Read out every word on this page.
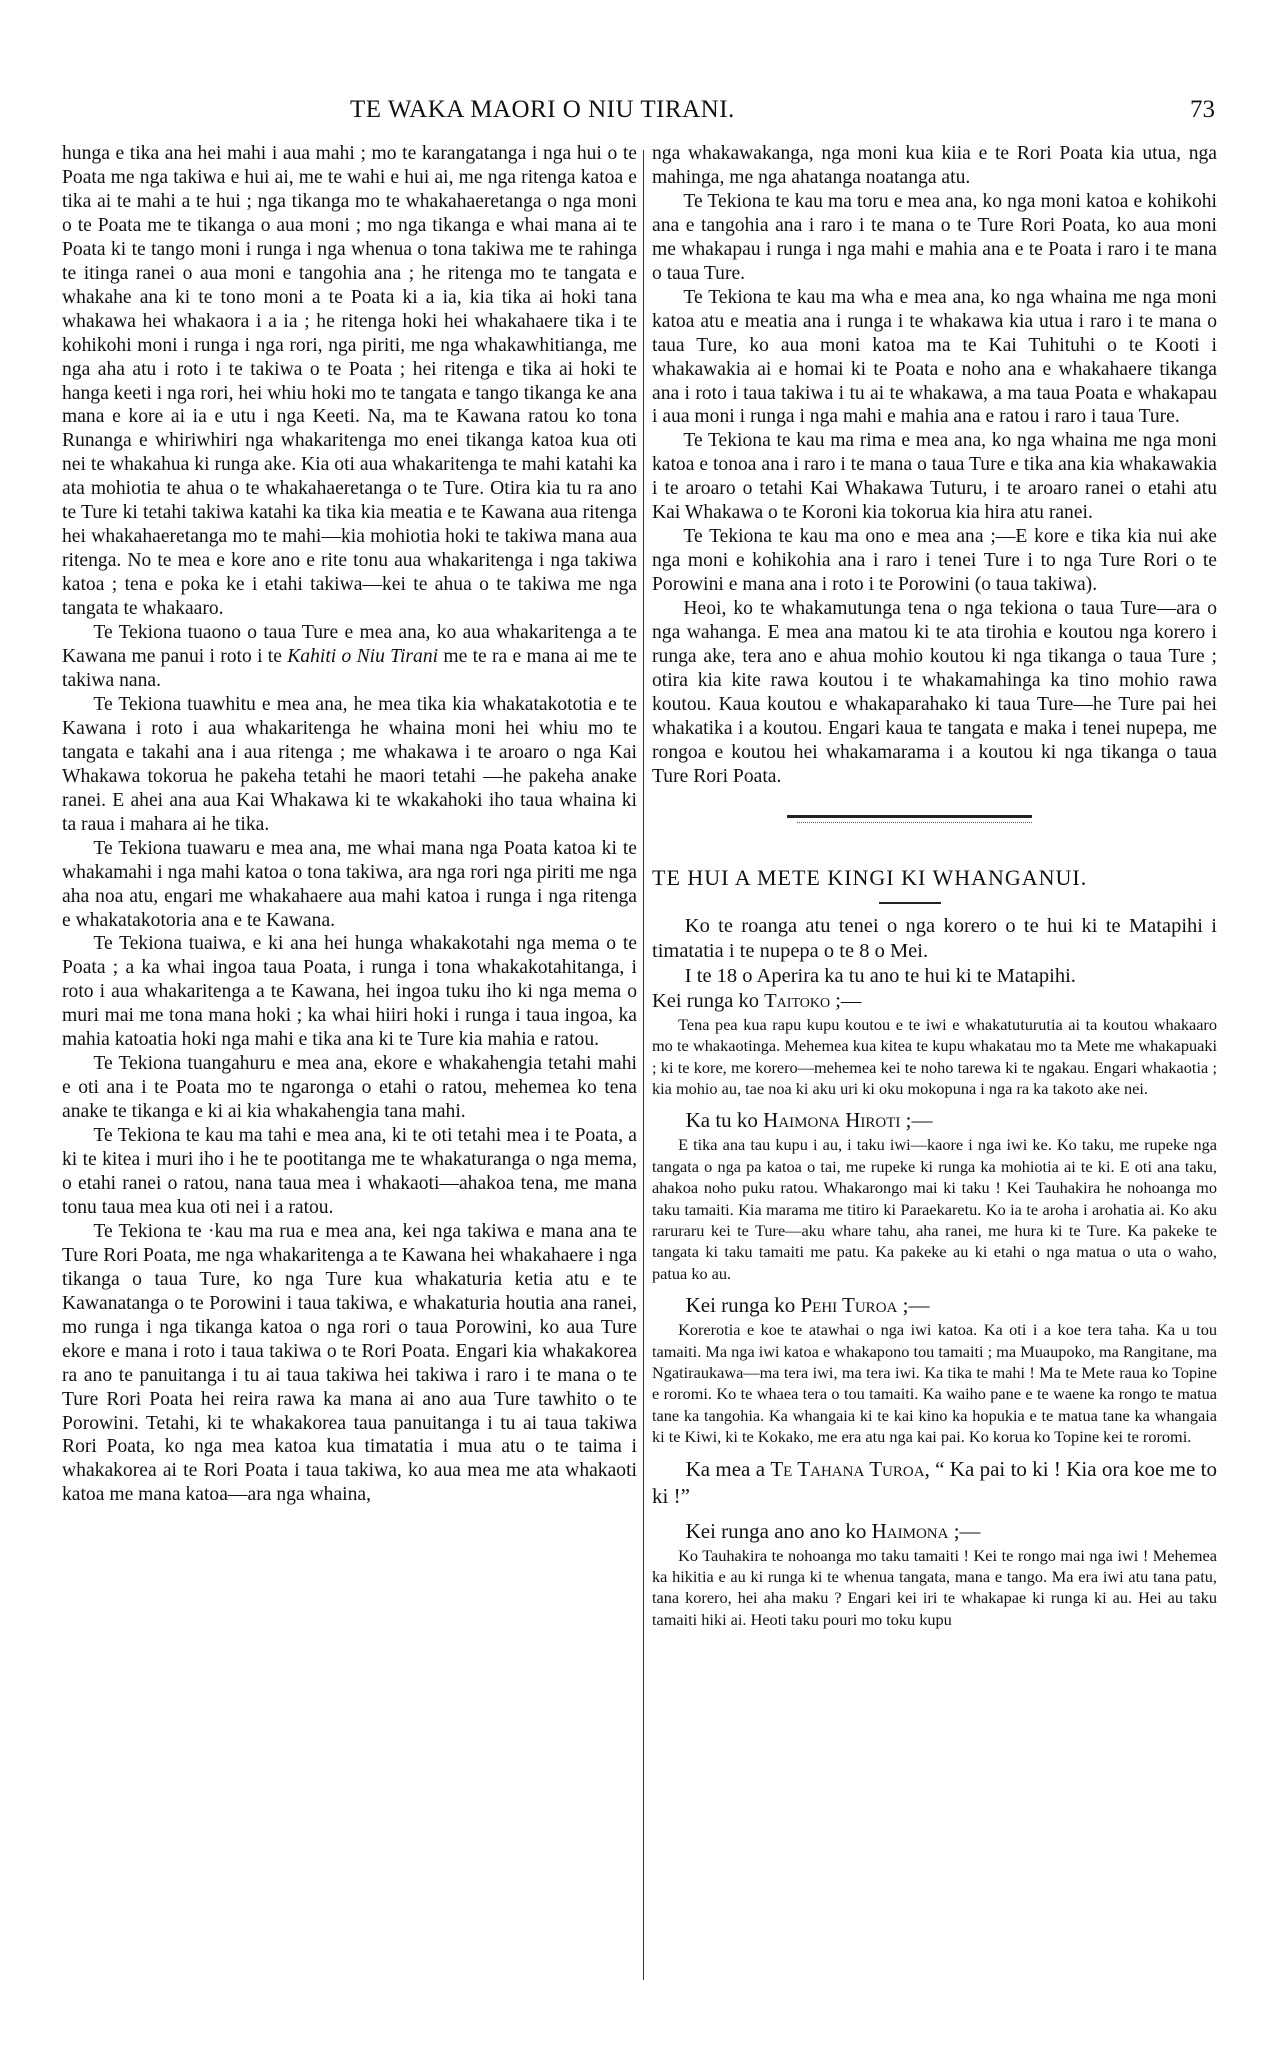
TE WAKA MAORI O NIU TIRANI.	73

hunga e tika ana hei mahi i aua mahi ; mo te karangatanga i nga hui o te Poata me nga takiwa e hui ai, me te wahi e hui ai, me nga ritenga katoa e tika ai te mahi a te hui ; nga tikanga mo te whakahaeretanga o nga moni o te Poata me te tikanga o aua moni ; mo nga tikanga e whai mana ai te Poata ki te tango moni i runga i nga whenua o tona takiwa me te rahinga te itinga ranei o aua moni e tangohia ana ; he ritenga mo te tangata e whakahe ana ki te tono moni a te Poata ki a ia, kia tika ai hoki tana whakawa hei whakaora i a ia ; he ritenga hoki hei whakahaere tika i te kohikohi moni i runga i nga rori, nga piriti, me nga whakawhitianga, me nga aha atu i roto i te takiwa o te Poata ; hei ritenga e tika ai hoki te hanga keeti i nga rori, hei whiu hoki mo te tangata e tango tikanga ke ana mana e kore ai ia e utu i nga Keeti. Na, ma te Kawana ratou ko tona Runanga e whiriwhiri nga whakaritenga mo enei tikanga katoa kua oti nei te whakahua ki runga ake. Kia oti aua whakaritenga te mahi katahi ka ata mohiotia te ahua o te whakahaeretanga o te Ture. Otira kia tu ra ano te Ture ki tetahi takiwa katahi ka tika kia meatia e te Kawana aua ritenga hei whakahaeretanga mo te mahi—kia mohiotia hoki te takiwa mana aua ritenga. No te mea e kore ano e rite tonu aua whakaritenga i nga takiwa katoa ; tena e poka ke i etahi takiwa—kei te ahua o te takiwa me nga tangata te whakaaro.

Te Tekiona tuaono o taua Ture e mea ana, ko aua whakaritenga a te Kawana me panui i roto i te Kahiti o Niu Tirani me te ra e mana ai me te takiwa nana.

Te Tekiona tuawhitu e mea ana, he mea tika kia whakatakototia e te Kawana i roto i aua whakaritenga he whaina moni hei whiu mo te tangata e takahi ana i aua ritenga ; me whakawa i te aroaro o nga Kai Whakawa tokorua he pakeha tetahi he maori tetahi —he pakeha anake ranei. E ahei ana aua Kai Whakawa ki te wkakahoki iho taua whaina ki ta raua i mahara ai he tika.

Te Tekiona tuawaru e mea ana, me whai mana nga Poata katoa ki te whakamahi i nga mahi katoa o tona takiwa, ara nga rori nga piriti me nga aha noa atu, engari me whakahaere aua mahi katoa i runga i nga ritenga e whakatakotoria ana e te Kawana.

Te Tekiona tuaiwa, e ki ana hei hunga whakakotahi nga mema o te Poata ; a ka whai ingoa taua Poata, i runga i tona whakakotahitanga, i roto i aua whakaritenga a te Kawana, hei ingoa tuku iho ki nga mema o muri mai me tona mana hoki ; ka whai hiiri hoki i runga i taua ingoa, ka mahia katoatia hoki nga mahi e tika ana ki te Ture kia mahia e ratou.

Te Tekiona tuangahuru e mea ana, ekore e whakahengia tetahi mahi e oti ana i te Poata mo te ngaronga o etahi o ratou, mehemea ko tena anake te tikanga e ki ai kia whakahengia tana mahi.

Te Tekiona te kau ma tahi e mea ana, ki te oti tetahi mea i te Poata, a ki te kitea i muri iho i he te pootitanga me te whakaturanga o nga mema, o etahi ranei o ratou, nana taua mea i whakaoti—ahakoa tena, me mana tonu taua mea kua oti nei i a ratou.

Te Tekiona te ·kau ma rua e mea ana, kei nga takiwa e mana ana te Ture Rori Poata, me nga whakaritenga a te Kawana hei whakahaere i nga tikanga o taua Ture, ko nga Ture kua whakaturia ketia atu e te Kawanatanga o te Porowini i taua takiwa, e whakaturia houtia ana ranei, mo runga i nga tikanga katoa o nga rori o taua Porowini, ko aua Ture ekore e mana i roto i taua takiwa o te Rori Poata. Engari kia whakakorea ra ano te panuitanga i tu ai taua takiwa hei takiwa i raro i te mana o te Ture Rori Poata hei reira rawa ka mana ai ano aua Ture tawhito o te Porowini. Tetahi, ki te whakakorea taua panuitanga i tu ai taua takiwa Rori Poata, ko nga mea katoa kua timatatia i mua atu o te taima i whakakorea ai te Rori Poata i taua takiwa, ko aua mea me ata whakaoti katoa me mana katoa—ara nga whaina,

nga whakawakanga, nga moni kua kiia e te Rori Poata kia utua, nga mahinga, me nga ahatanga noatanga atu.

Te Tekiona te kau ma toru e mea ana, ko nga moni katoa e kohikohi ana e tangohia ana i raro i te mana o te Ture Rori Poata, ko aua moni me whakapau i runga i nga mahi e mahia ana e te Poata i raro i te mana o taua Ture.

Te Tekiona te kau ma wha e mea ana, ko nga whaina me nga moni katoa atu e meatia ana i runga i te whakawa kia utua i raro i te mana o taua Ture, ko aua moni katoa ma te Kai Tuhituhi o te Kooti i whakawakia ai e homai ki te Poata e noho ana e whakahaere tikanga ana i roto i taua takiwa i tu ai te whakawa, a ma taua Poata e whakapau i aua moni i runga i nga mahi e mahia ana e ratou i raro i taua Ture.

Te Tekiona te kau ma rima e mea ana, ko nga whaina me nga moni katoa e tonoa ana i raro i te mana o taua Ture e tika ana kia whakawakia i te aroaro o tetahi Kai Whakawa Tuturu, i te aroaro ranei o etahi atu Kai Whakawa o te Koroni kia tokorua kia hira atu ranei.

Te Tekiona te kau ma ono e mea ana ;—E kore e tika kia nui ake nga moni e kohikohia ana i raro i tenei Ture i to nga Ture Rori o te Porowini e mana ana i roto i te Porowini (o taua takiwa).

Heoi, ko te whakamutunga tena o nga tekiona o taua Ture—ara o nga wahanga. E mea ana matou ki te ata tirohia e koutou nga korero i runga ake, tera ano e ahua mohio koutou ki nga tikanga o taua Ture ; otira kia kite rawa koutou i te whakamahinga ka tino mohio rawa koutou. Kaua koutou e whakaparahako ki taua Ture—he Ture pai hei whakatika i a koutou. Engari kaua te tangata e maka i tenei nupepa, me rongoa e koutou hei whakamarama i a koutou ki nga tikanga o taua Ture Rori Poata.

TE HUI A METE KINGI KI WHANGANUI.

Ko te roanga atu tenei o nga korero o te hui ki te Matapihi i timatatia i te nupepa o te 8 o Mei.

I te 18 o Aperira ka tu ano te hui ki te Matapihi.

Kei runga ko Taitoko ;—

Tena pea kua rapu kupu koutou e te iwi e whakatuturutia ai ta koutou whakaaro mo te whakaotinga. Mehemea kua kitea te kupu whakatau mo ta Mete me whakapuaki ; ki te kore, me korero—mehemea kei te noho tarewa ki te ngakau. Engari whakaotia ; kia mohio au, tae noa ki aku uri ki oku mokopuna i nga ra ka takoto ake nei.

Ka tu ko Haimona Hiroti ;—

E tika ana tau kupu i au, i taku iwi—kaore i nga iwi ke. Ko taku, me rupeke nga tangata o nga pa katoa o tai, me rupeke ki runga ka mohiotia ai te ki. E oti ana taku, ahakoa noho puku ratou. Whakarongo mai ki taku ! Kei Tauhakira he nohoanga mo taku tamaiti. Kia marama me titiro ki Paraekaretu. Ko ia te aroha i arohatia ai. Ko aku raruraru kei te Ture—aku whare tahu, aha ranei, me hura ki te Ture. Ka pakeke te tangata ki taku tamaiti me patu. Ka pakeke au ki etahi o nga matua o uta o waho, patua ko au.

Kei runga ko Pehi Turoa ;—

Korerotia e koe te atawhai o nga iwi katoa. Ka oti i a koe tera taha. Ka u tou tamaiti. Ma nga iwi katoa e whakapono tou tamaiti ; ma Muaupoko, ma Rangitane, ma Ngatiraukawa—ma tera iwi, ma tera iwi. Ka tika te mahi ! Ma te Mete raua ko Topine e roromi. Ko te whaea tera o tou tamaiti. Ka waiho pane e te waene ka rongo te matua tane ka tangohia. Ka whangaia ki te kai kino ka hopukia e te matua tane ka whangaia ki te Kiwi, ki te Kokako, me era atu nga kai pai. Ko korua ko Topine kei te roromi.

Ka mea a Te Tahana Turoa, “ Ka pai to ki ! Kia ora koe me to ki !”

Kei runga ano ano ko Haimona ;—

Ko Tauhakira te nohoanga mo taku tamaiti ! Kei te rongo mai nga iwi ! Mehemea ka hikitia e au ki runga ki te whenua tangata, mana e tango. Ma era iwi atu tana patu, tana korero, hei aha maku ? Engari kei iri te whakapae ki runga ki au. Hei au taku tamaiti hiki ai. Heoti taku pouri mo toku kupu
